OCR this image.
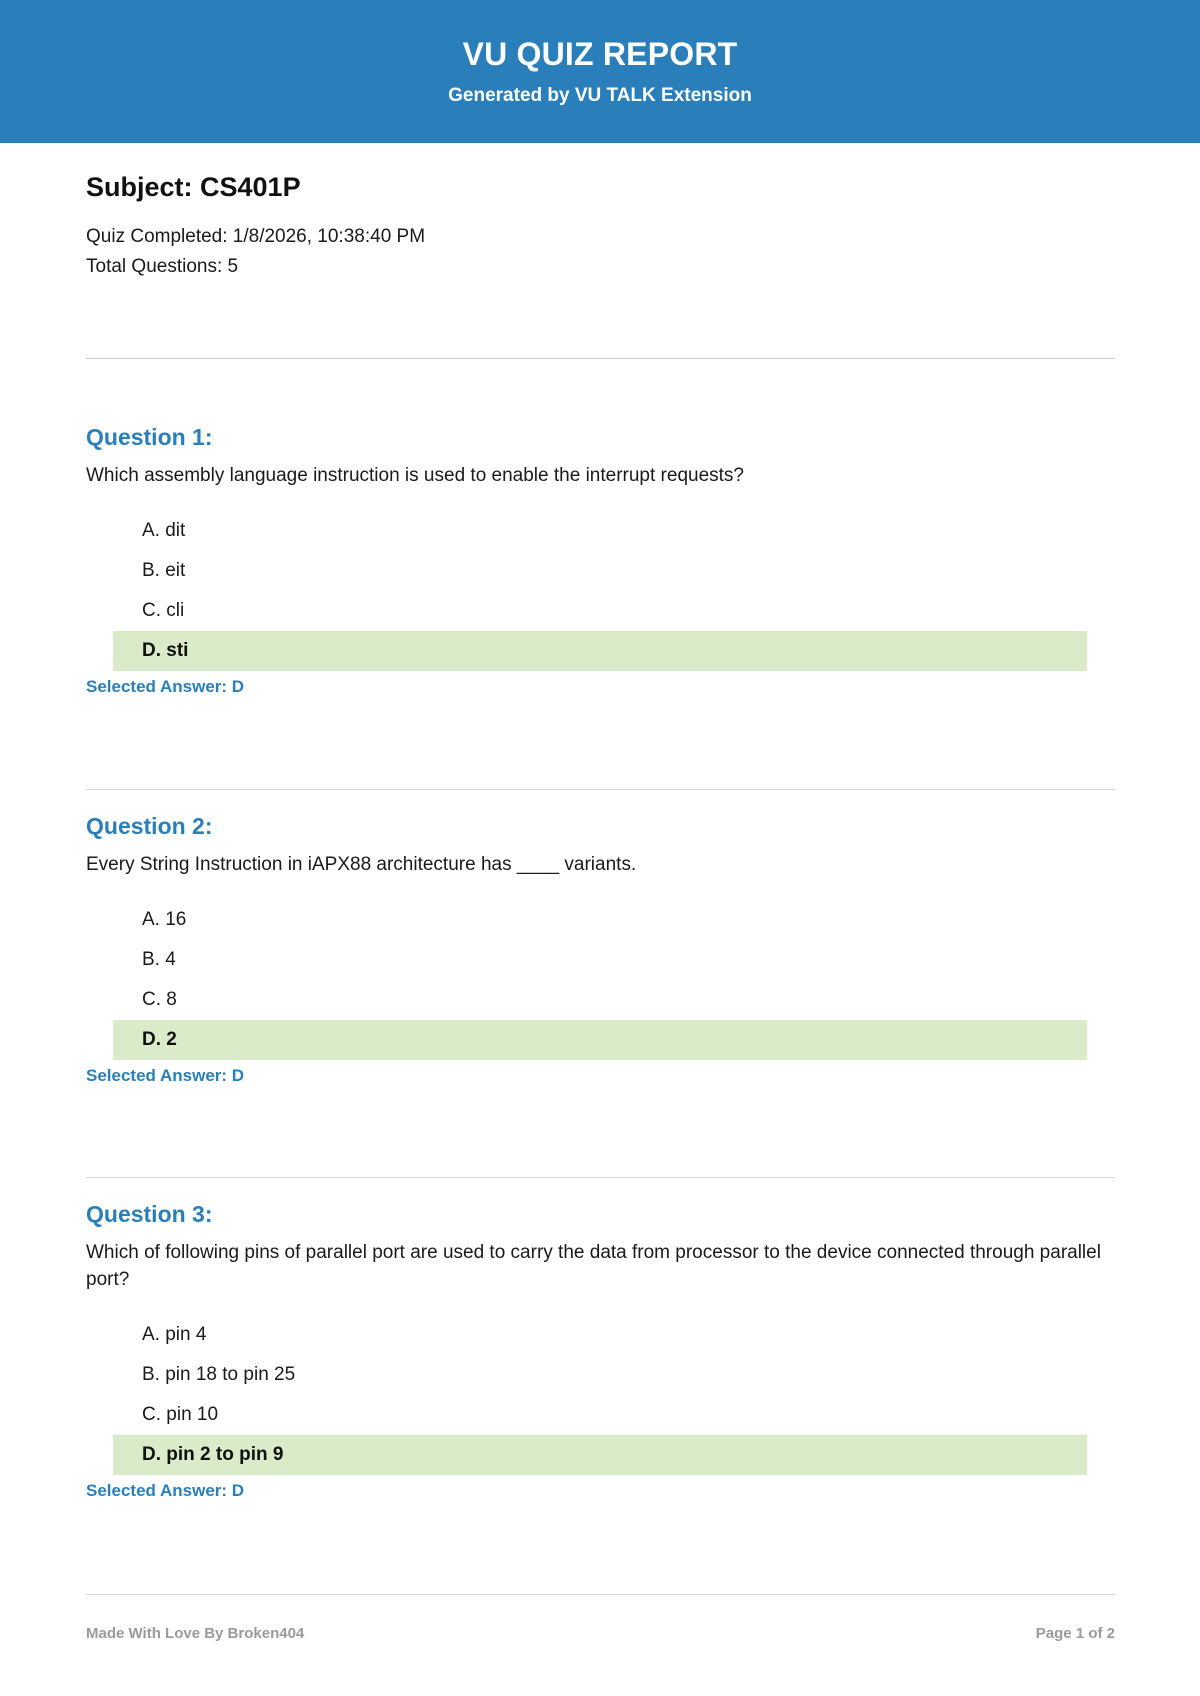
VU QUIZ REPORT
Generated by VU TALK Extension
Subject: CS401P
Quiz Completed: 1/8/2026, 10:38:40 PM
Total Questions: 5
Question 1:
Which assembly language instruction is used to enable the interrupt requests?
A. dit
B. eit
C. cli
D. sti
Selected Answer: D
Question 2:
Every String Instruction in iAPX88 architecture has ____ variants.
A. 16
B. 4
C. 8
D. 2
Selected Answer: D
Question 3:
Which of following pins of parallel port are used to carry the data from processor to the device connected through parallel port?
A. pin 4
B. pin 18 to pin 25
C. pin 10
D. pin 2 to pin 9
Selected Answer: D
Made With Love By Broken404	Page 1 of 2
